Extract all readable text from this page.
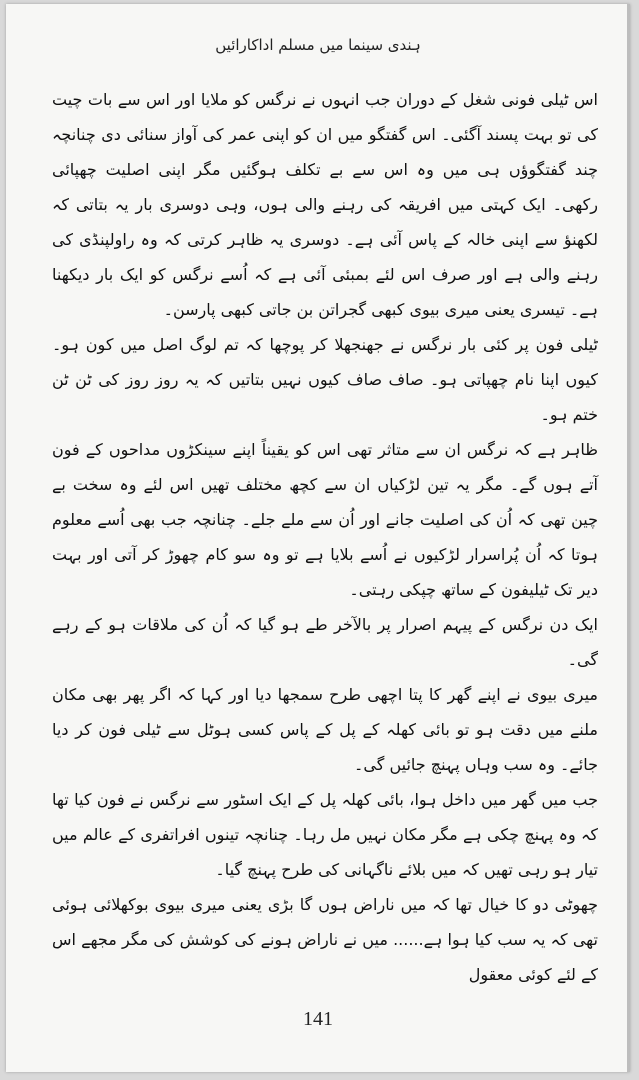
ہندی سینما میں مسلم اداکارائیں

اس ٹیلی فونی شغل کے دوران جب انہوں نے نرگس کو ملایا اور اس سے بات چیت کی تو بہت پسند آگئی۔ اس گفتگو میں ان کو اپنی عمر کی آواز سنائی دی چنانچہ چند گفتگوؤں ہی میں وہ اس سے بے تکلف ہوگئیں مگر اپنی اصلیت چھپائی رکھی۔ ایک کہتی میں افریقہ کی رہنے والی ہوں، وہی دوسری بار یہ بتاتی کہ لکھنؤ سے اپنی خالہ کے پاس آئی ہے۔ دوسری یہ ظاہر کرتی کہ وہ راولپنڈی کی رہنے والی ہے اور صرف اس لئے بمبئی آئی ہے کہ اُسے نرگس کو ایک بار دیکھنا ہے۔ تیسری یعنی میری بیوی کبھی گجراتن بن جاتی کبھی پارسن۔

ٹیلی فون پر کئی بار نرگس نے جھنجھلا کر پوچھا کہ تم لوگ اصل میں کون ہو۔ کیوں اپنا نام چھپاتی ہو۔ صاف صاف کیوں نہیں بتاتیں کہ یہ روز روز کی ٹن ٹن ختم ہو۔

ظاہر ہے کہ نرگس ان سے متاثر تھی اس کو یقیناً اپنے سینکڑوں مداحوں کے فون آتے ہوں گے۔ مگر یہ تین لڑکیاں ان سے کچھ مختلف تھیں اس لئے وہ سخت بے چین تھی کہ اُن کی اصلیت جانے اور اُن سے ملے جلے۔ چنانچہ جب بھی اُسے معلوم ہوتا کہ اُن پُراسرار لڑکیوں نے اُسے بلایا ہے تو وہ سو کام چھوڑ کر آتی اور بہت دیر تک ٹیلیفون کے ساتھ چپکی رہتی۔

ایک دن نرگس کے پیہم اصرار پر بالآخر طے ہو گیا کہ اُن کی ملاقات ہو کے رہے گی۔

میری بیوی نے اپنے گھر کا پتا اچھی طرح سمجھا دیا اور کہا کہ اگر پھر بھی مکان ملنے میں دقت ہو تو بائی کھلہ کے پل کے پاس کسی ہوٹل سے ٹیلی فون کر دیا جائے۔ وہ سب وہاں پہنچ جائیں گی۔

جب میں گھر میں داخل ہوا، بائی کھلہ پل کے ایک اسٹور سے نرگس نے فون کیا تھا کہ وہ پہنچ چکی ہے مگر مکان نہیں مل رہا۔ چنانچہ تینوں افراتفری کے عالم میں تیار ہو رہی تھیں کہ میں بلائے ناگہانی کی طرح پہنچ گیا۔

چھوٹی دو کا خیال تھا کہ میں ناراض ہوں گا بڑی یعنی میری بیوی بوکھلائی ہوئی تھی کہ یہ سب کیا ہوا ہے...... میں نے ناراض ہونے کی کوشش کی مگر مجھے اس کے لئے کوئی معقول

141
